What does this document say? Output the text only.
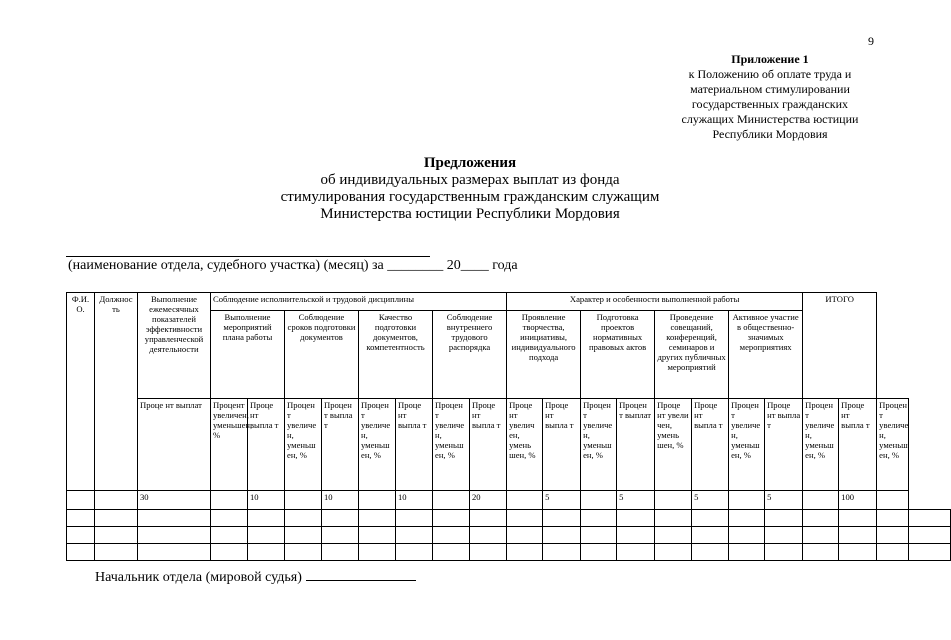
9
Приложение 1
к Положению об оплате труда и
материальном стимулировании
государственных гражданских
служащих Министерства юстиции
Республики Мордовия
Предложения
об индивидуальных размерах выплат из фонда
стимулирования государственным гражданским служащим
Министерства юстиции Республики Мордовия
(наименование отдела, судебного участка) (месяц) за ________ 20____ года
Ф.И. О.	Должнос ть	Выполнение ежемесячных показателей эффективности управленческой деятельности	Соблюдение исполнительской и трудовой дисциплины								Характер и особенности выполненной работы								ИТОГО			
			Выполнение мероприятий плана работы		Соблюдение сроков подготовки документов		Качество подготовки документов, компетентность		Соблюдение внутреннего трудового распорядка		Проявление творчества, инициативы, индивидуального подхода		Подготовка проектов нормативных правовых актов		Проведение совещаний, конференций, семинаров и других публичных мероприятий		Активное участие в общественно-значимых мероприятиях					
		Проце нт выплат	Процент увеличен, уменьшен, %	Проце нт выпла т	Процен т увеличе н, уменьш ен, %	Процен т выпла т	Процен т увеличе н, уменьш ен, %	Проце нт выпла т	Процен т увеличе н, уменьш ен, %	Проце нт выпла т	Проце нт увелич ен, умень шен, %	Проце нт выпла т	Процен т увеличе н, уменьш ен, %	Процен т выплат	Проце нт увели чен, умень шен, %	Проце нт выпла т	Процен т увеличе н, уменьш ен, %	Проце нт выпла т	Процен т увеличе н, уменьш ен, %	Проце нт выпла т	Процен т увеличе н, уменьш ен, %	
		30		10		10		10		20		5		5		5		5		100		

Начальник отдела (мировой судья)
